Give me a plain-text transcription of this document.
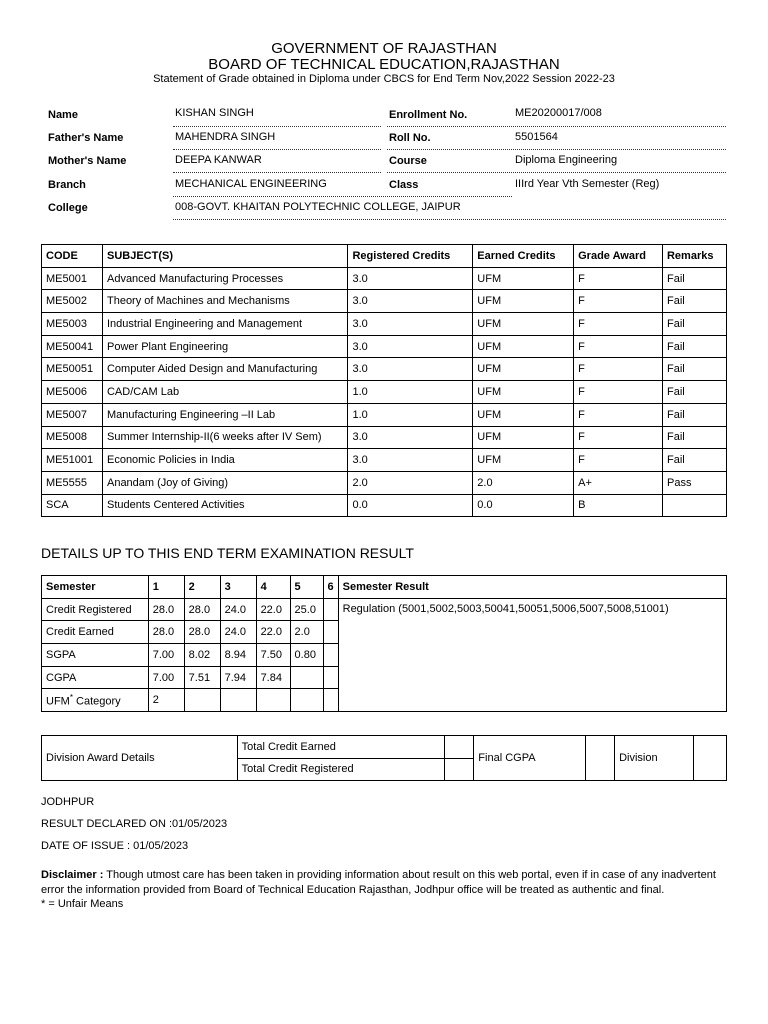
GOVERNMENT OF RAJASTHAN
BOARD OF TECHNICAL EDUCATION,RAJASTHAN
Statement of Grade obtained in Diploma under CBCS for End Term Nov,2022 Session 2022-23
Name	KISHAN SINGH	Enrollment No.	ME20200017/008
Father's Name	MAHENDRA SINGH	Roll No.	5501564
Mother's Name	DEEPA KANWAR	Course	Diploma Engineering
Branch	MECHANICAL ENGINEERING	Class	IIIrd Year Vth Semester (Reg)
College	008-GOVT. KHAITAN POLYTECHNIC COLLEGE, JAIPUR
CODE	SUBJECT(S)	Registered Credits	Earned Credits	Grade Award	Remarks
ME5001	Advanced Manufacturing Processes	3.0	UFM	F	Fail
ME5002	Theory of Machines and Mechanisms	3.0	UFM	F	Fail
ME5003	Industrial Engineering and Management	3.0	UFM	F	Fail
ME50041	Power Plant Engineering	3.0	UFM	F	Fail
ME50051	Computer Aided Design and Manufacturing	3.0	UFM	F	Fail
ME5006	CAD/CAM Lab	1.0	UFM	F	Fail
ME5007	Manufacturing Engineering –II Lab	1.0	UFM	F	Fail
ME5008	Summer Internship-II(6 weeks after IV Sem)	3.0	UFM	F	Fail
ME51001	Economic Policies in India	3.0	UFM	F	Fail
ME5555	Anandam (Joy of Giving)	2.0	2.0	A+	Pass
SCA	Students Centered Activities	0.0	0.0	B	
DETAILS UP TO THIS END TERM EXAMINATION RESULT
Semester	1	2	3	4	5	6	Semester Result
Credit Registered	28.0	28.0	24.0	22.0	25.0		Regulation (5001,5002,5003,50041,50051,5006,5007,5008,51001)
Credit Earned	28.0	28.0	24.0	22.0	2.0		
SGPA	7.00	8.02	8.94	7.50	0.80		
CGPA	7.00	7.51	7.94	7.84			
UFM* Category	2						
Division Award Details	Total Credit Earned		Final CGPA		Division	
	Total Credit Registered					
JODHPUR
RESULT DECLARED ON :01/05/2023
DATE OF ISSUE : 01/05/2023
Disclaimer : Though utmost care has been taken in providing information about result on this web portal, even if in case of any inadvertent error the information provided from Board of Technical Education Rajasthan, Jodhpur office will be treated as authentic and final.
* = Unfair Means
